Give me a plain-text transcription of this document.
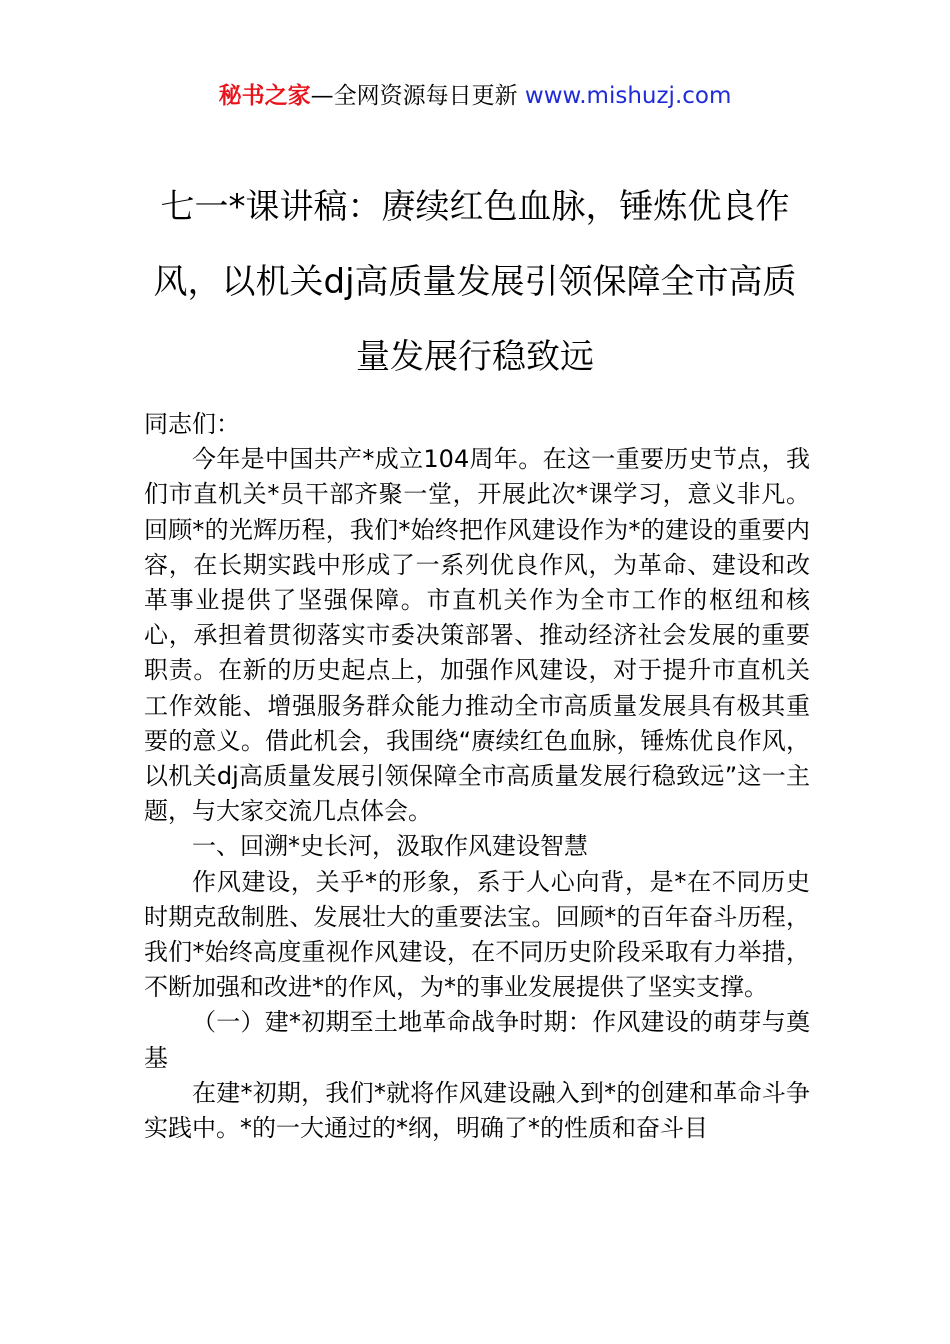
秘书之家—全网资源每日更新 www.mishuzj.com
七一*课讲稿：赓续红色血脉，锤炼优良作风，以机关dj高质量发展引领保障全市高质量发展行稳致远

同志们：

今年是中国共产*成立104周年。在这一重要历史节点，我们市直机关*员干部齐聚一堂，开展此次*课学习，意义非凡。回顾*的光辉历程，我们*始终把作风建设作为*的建设的重要内容，在长期实践中形成了一系列优良作风，为革命、建设和改革事业提供了坚强保障。市直机关作为全市工作的枢纽和核心，承担着贯彻落实市委决策部署、推动经济社会发展的重要职责。在新的历史起点上，加强作风建设，对于提升市直机关工作效能、增强服务群众能力推动全市高质量发展具有极其重要的意义。借此机会，我围绕“赓续红色血脉，锤炼优良作风，以机关dj高质量发展引领保障全市高质量发展行稳致远”这一主题，与大家交流几点体会。

一、回溯*史长河，汲取作风建设智慧

作风建设，关乎*的形象，系于人心向背，是*在不同历史时期克敌制胜、发展壮大的重要法宝。回顾*的百年奋斗历程，我们*始终高度重视作风建设，在不同历史阶段采取有力举措，不断加强和改进*的作风，为*的事业发展提供了坚实支撑。

（一）建*初期至土地革命战争时期：作风建设的萌芽与奠基

在建*初期，我们*就将作风建设融入到*的创建和革命斗争实践中。*的一大通过的*纲，明确了*的性质和奋斗目
